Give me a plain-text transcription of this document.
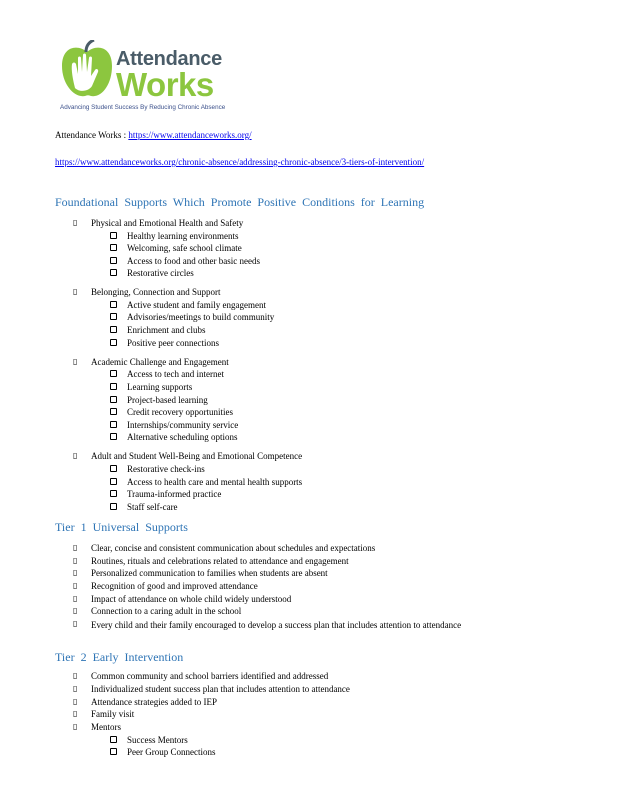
Attendance
Works
Advancing Student Success By Reducing Chronic Absence
Attendance Works : https://www.attendanceworks.org/
https://www.attendanceworks.org/chronic-absence/addressing-chronic-absence/3-tiers-of-intervention/
Foundational Supports Which Promote Positive Conditions for Learning
▯ Physical and Emotional Health and Safety
Healthy learning environments
Welcoming, safe school climate
Access to food and other basic needs
Restorative circles
▯ Belonging, Connection and Support
Active student and family engagement
Advisories/meetings to build community
Enrichment and clubs
Positive peer connections
▯ Academic Challenge and Engagement
Access to tech and internet
Learning supports
Project-based learning
Credit recovery opportunities
Internships/community service
Alternative scheduling options
▯ Adult and Student Well-Being and Emotional Competence
Restorative check-ins
Access to health care and mental health supports
Trauma-informed practice
Staff self-care
Tier 1 Universal Supports
▯ Clear, concise and consistent communication about schedules and expectations
▯ Routines, rituals and celebrations related to attendance and engagement
▯ Personalized communication to families when students are absent
▯ Recognition of good and improved attendance
▯ Impact of attendance on whole child widely understood
▯ Connection to a caring adult in the school
▯ Every child and their family encouraged to develop a success plan that includes attention to attendance
Tier 2 Early Intervention
▯ Common community and school barriers identified and addressed
▯ Individualized student success plan that includes attention to attendance
▯ Attendance strategies added to IEP
▯ Family visit
▯ Mentors
Success Mentors
Peer Group Connections
